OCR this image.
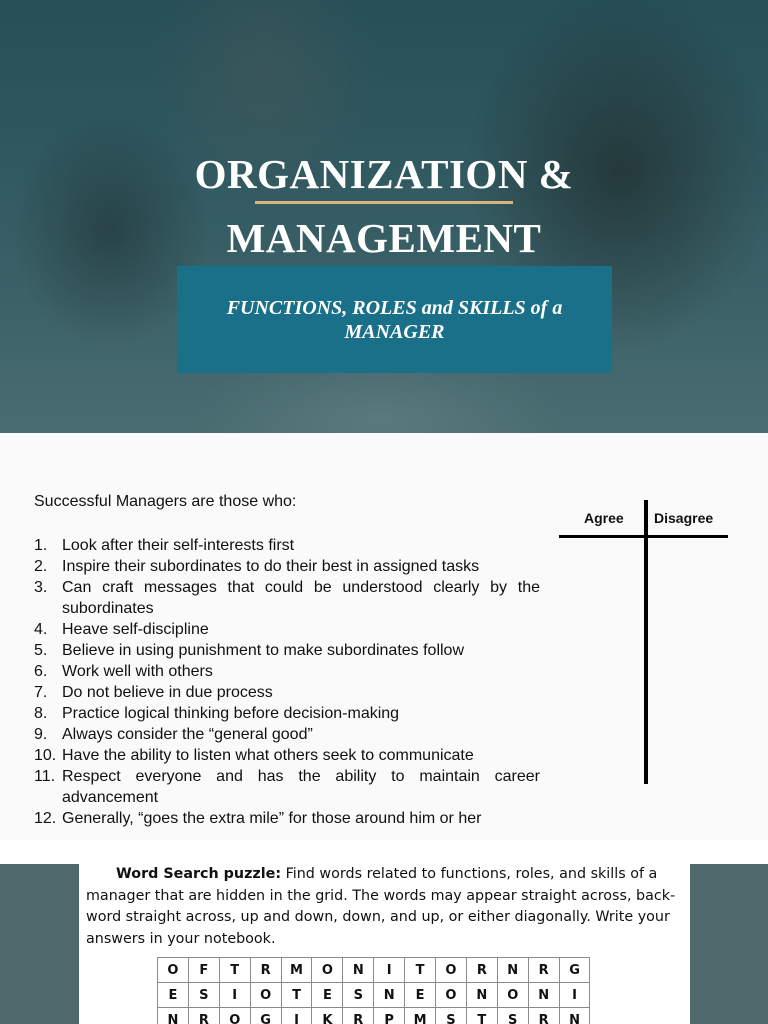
ORGANIZATION &
MANAGEMENT
FUNCTIONS, ROLES and SKILLS of a MANAGER
Successful Managers are those who:
1. Look after their self-interests first
2. Inspire their subordinates to do their best in assigned tasks
3. Can craft messages that could be understood clearly by the subordinates
4. Heave self-discipline
5. Believe in using punishment to make subordinates follow
6. Work well with others
7. Do not believe in due process
8. Practice logical thinking before decision-making
9. Always consider the “general good”
10. Have the ability to listen what others seek to communicate
11. Respect everyone and has the ability to maintain career advancement
12. Generally, “goes the extra mile” for those around him or her
Agree Disagree
Word Search puzzle: Find words related to functions, roles, and skills of a manager that are hidden in the grid. The words may appear straight across, back-word straight across, up and down, down, and up, or either diagonally. Write your answers in your notebook.
O	F	T	R	M	O	N	I	T	O	R	N	R	G
E	S	I	O	T	E	S	N	E	O	N	O	N	I
N	R	O	G	I	K	R	P	M	S	T	S	R	N
